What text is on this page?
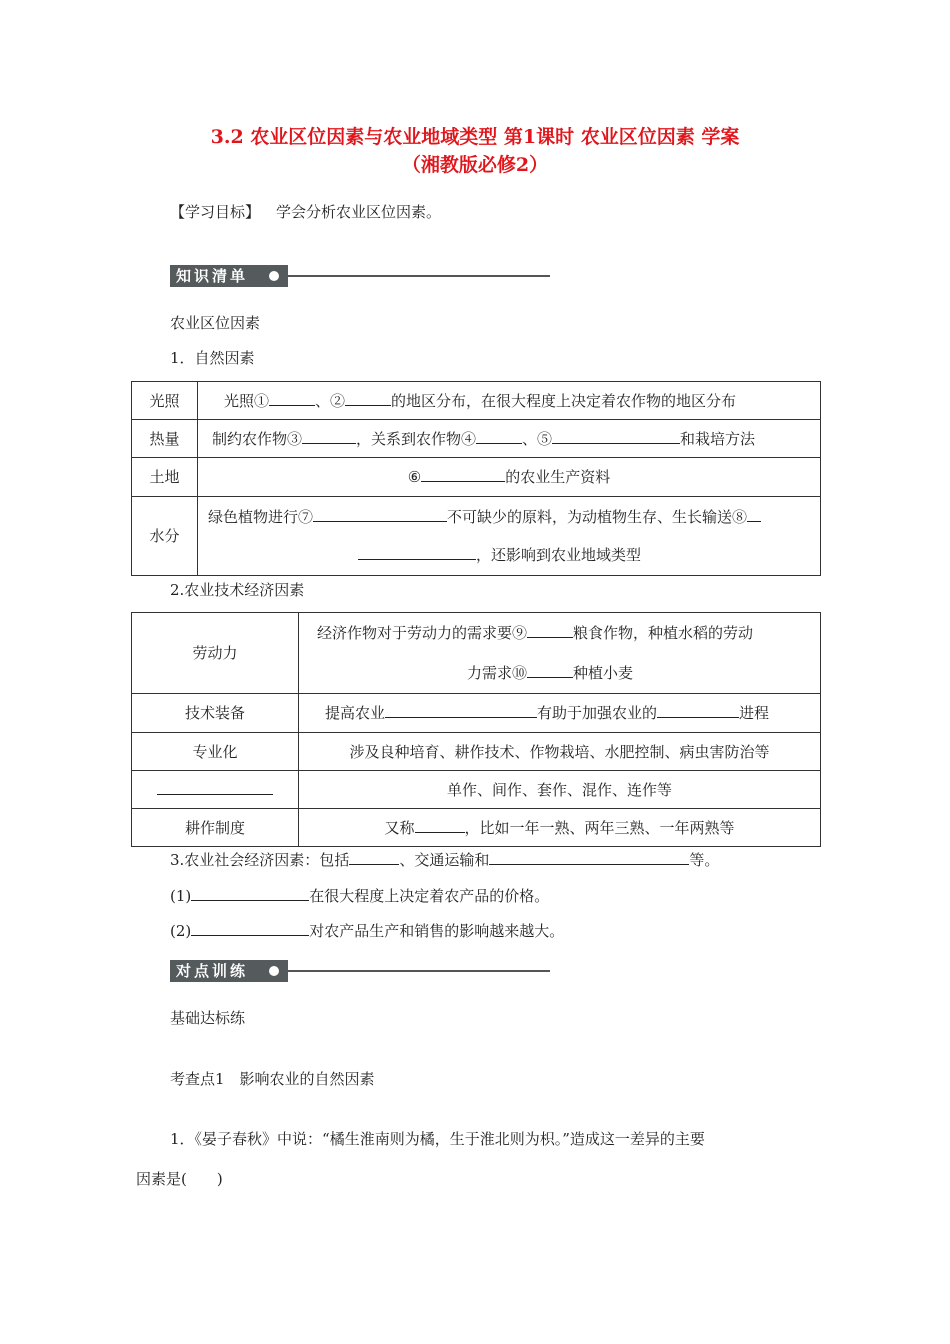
3.2 农业区位因素与农业地域类型 第1课时 农业区位因素 学案
（湘教版必修2）
【学习目标】 学会分析农业区位因素。
知识清单
农业区位因素
1．自然因素
光照	光照① 、② 的地区分布，在很大程度上决定着农作物的地区分布
热量	制约农作物③ ，关系到农作物④ 、⑤ 和栽培方法
土地	⑥ 的农业生产资料
水分	绿色植物进行⑦ 不可缺少的原料，为动植物生存、生长输送⑧
，还影响到农业地域类型
2.农业技术经济因素
劳动力	经济作物对于劳动力的需求要⑨ 粮食作物，种植水稻的劳动
力需求⑩ 种植小麦

技术装备	提高农业 有助于加强农业的 进程
专业化	涉及良种培育、耕作技术、作物栽培、水肥控制、病虫害防治等
	单作、间作、套作、混作、连作等
耕作制度	又称 ，比如一年一熟、两年三熟、一年两熟等
3.农业社会经济因素：包括	、交通运输和	等。
(1)	在很大程度上决定着农产品的价格。
(2)	对农产品生产和销售的影响越来越大。
对点训练
基础达标练
考查点1　影响农业的自然因素
1．《晏子春秋》中说：“橘生淮南则为橘，生于淮北则为枳。”造成这一差异的主要
因素是(　　)
